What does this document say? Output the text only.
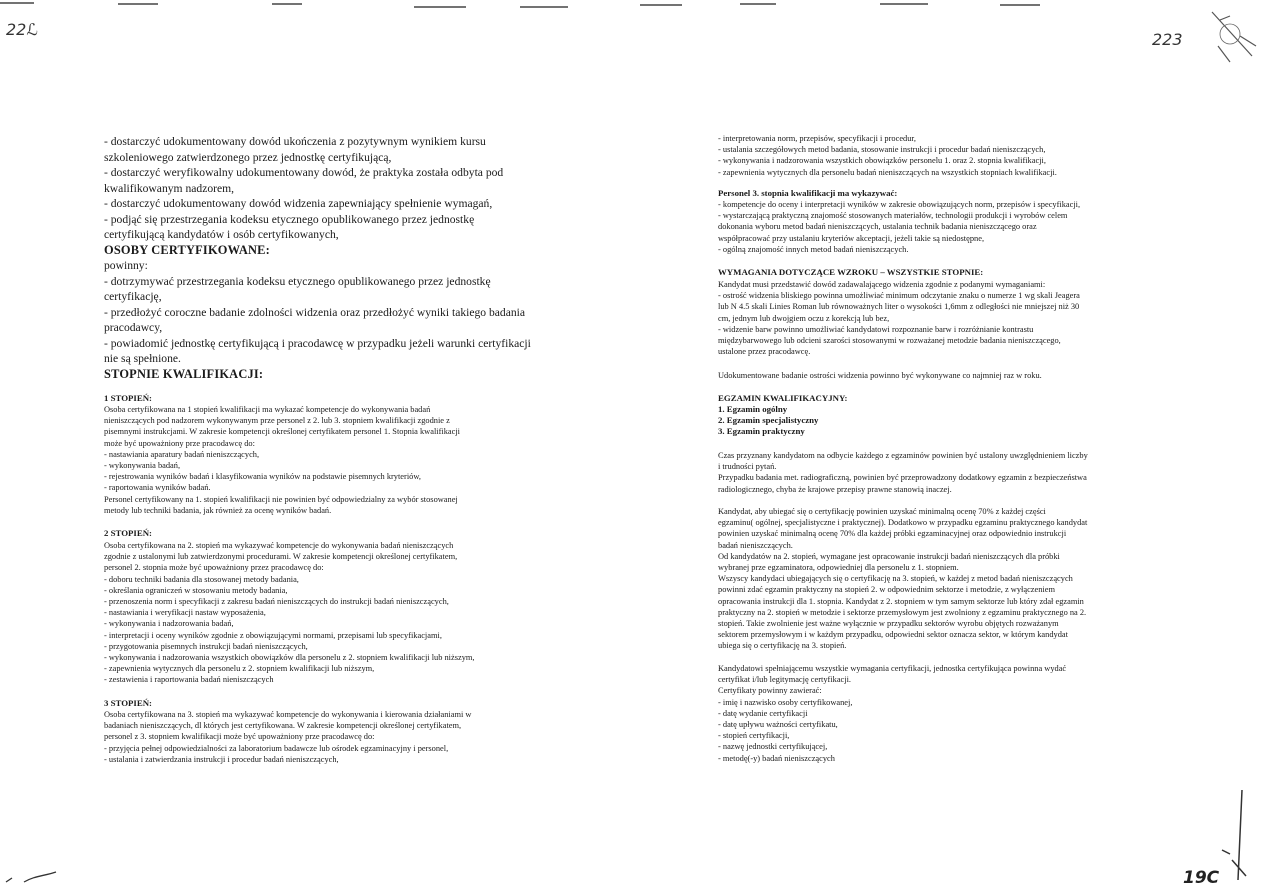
22ℒ
223
19C
- dostarczyć udokumentowany dowód ukończenia z pozytywnym wynikiem kursu
szkoleniowego zatwierdzonego przez jednostkę certyfikującą,
- dostarczyć weryfikowalny udokumentowany dowód, że praktyka została odbyta pod
kwalifikowanym nadzorem,
- dostarczyć udokumentowany dowód widzenia zapewniający spełnienie wymagań,
- podjąć się przestrzegania kodeksu etycznego opublikowanego przez jednostkę
certyfikującą kandydatów i osób certyfikowanych,
OSOBY CERTYFIKOWANE:
powinny:
- dotrzymywać przestrzegania kodeksu etycznego opublikowanego przez jednostkę
certyfikację,
- przedłożyć coroczne badanie zdolności widzenia oraz przedłożyć wyniki takiego badania
pracodawcy,
- powiadomić jednostkę certyfikującą i pracodawcę w przypadku jeżeli warunki certyfikacji
nie są spełnione.
STOPNIE KWALIFIKACJI:
1 STOPIEŃ:
Osoba certyfikowana na 1 stopień kwalifikacji ma wykazać kompetencje do wykonywania badań
nieniszczących pod nadzorem wykonywanym prze personel z 2. lub 3. stopniem kwalifikacji zgodnie z
pisemnymi instrukcjami. W zakresie kompetencji określonej certyfikatem personel 1. Stopnia kwalifikacji
może być upoważniony prze pracodawcę do:
- nastawiania aparatury badań nieniszczących,
- wykonywania badań,
- rejestrowania wyników badań i klasyfikowania wyników na podstawie pisemnych kryteriów,
- raportowania wyników badań.
Personel certyfikowany na 1. stopień kwalifikacji nie powinien być odpowiedzialny za wybór stosowanej
metody lub techniki badania, jak również za ocenę wyników badań.
2 STOPIEŃ:
Osoba certyfikowana na 2. stopień ma wykazywać kompetencje do wykonywania badań nieniszczących
zgodnie z ustalonymi lub zatwierdzonymi procedurami. W zakresie kompetencji określonej certyfikatem,
personel 2. stopnia może być upoważniony przez pracodawcę do:
- doboru techniki badania dla stosowanej metody badania,
- określania ograniczeń w stosowaniu metody badania,
- przenoszenia norm i specyfikacji z zakresu badań nieniszczących do instrukcji badań nieniszczących,
- nastawiania i weryfikacji nastaw wyposażenia,
- wykonywania i nadzorowania badań,
- interpretacji i oceny wyników zgodnie z obowiązującymi normami, przepisami lub specyfikacjami,
- przygotowania pisemnych instrukcji badań nieniszczących,
- wykonywania i nadzorowania wszystkich obowiązków dla personelu z 2. stopniem kwalifikacji lub niższym,
- zapewnienia wytycznych dla personelu z 2. stopniem kwalifikacji lub niższym,
- zestawienia i raportowania badań nieniszczących
3 STOPIEŃ:
Osoba certyfikowana na 3. stopień ma wykazywać kompetencje do wykonywania i kierowania działaniami w
badaniach nieniszczących, dl których jest certyfikowana. W zakresie kompetencji określonej certyfikatem,
personel z 3. stopniem kwalifikacji może być upoważniony prze pracodawcę do:
- przyjęcia pełnej odpowiedzialności za laboratorium badawcze lub ośrodek egzaminacyjny i personel,
- ustalania i zatwierdzania instrukcji i procedur badań nieniszczących,
- interpretowania norm, przepisów, specyfikacji i procedur,
- ustalania szczegółowych metod badania, stosowanie instrukcji i procedur badań nieniszczących,
- wykonywania i nadzorowania wszystkich obowiązków personelu 1. oraz 2. stopnia kwalifikacji,
- zapewnienia wytycznych dla personelu badań nieniszczących na wszystkich stopniach kwalifikacji.
Personel 3. stopnia kwalifikacji ma wykazywać:
- kompetencje do oceny i interpretacji wyników w zakresie obowiązujących norm, przepisów i specyfikacji,
- wystarczającą praktyczną znajomość stosowanych materiałów, technologii produkcji i wyrobów celem
dokonania wyboru metod badań nieniszczących, ustalania technik badania nieniszczącego oraz
współpracować przy ustalaniu kryteriów akceptacji, jeżeli takie są niedostępne,
- ogólną znajomość innych metod badań nieniszczących.
WYMAGANIA DOTYCZĄCE WZROKU – WSZYSTKIE STOPNIE:
Kandydat musi przedstawić dowód zadawalającego widzenia zgodnie z podanymi wymaganiami:
- ostrość widzenia bliskiego powinna umożliwiać minimum odczytanie znaku o numerze 1 wg skali Jeagera
lub N 4.5 skali Linies Roman lub równoważnych liter o wysokości 1,6mm z odległości nie mniejszej niż 30
cm, jednym lub dwojgiem oczu z korekcją lub bez,
- widzenie barw powinno umożliwiać kandydatowi rozpoznanie barw i rozróżnianie kontrastu
międzybarwowego lub odcieni szarości stosowanymi w rozważanej metodzie badania nieniszczącego,
ustalone przez pracodawcę.
Udokumentowane badanie ostrości widzenia powinno być wykonywane co najmniej raz w roku.
EGZAMIN KWALIFIKACYJNY:
1. Egzamin ogólny
2. Egzamin specjalistyczny
3. Egzamin praktyczny
Czas przyznany kandydatom na odbycie każdego z egzaminów powinien być ustalony uwzględnieniem liczby
i trudności pytań.
Przypadku badania met. radiograficzną, powinien być przeprowadzony dodatkowy egzamin z bezpieczeństwa
radiologicznego, chyba że krajowe przepisy prawne stanowią inaczej.
Kandydat, aby ubiegać się o certyfikację powinien uzyskać minimalną ocenę 70% z każdej części
egzaminu( ogólnej, specjalistyczne i praktycznej). Dodatkowo w przypadku egzaminu praktycznego kandydat
powinien uzyskać minimalną ocenę 70% dla każdej próbki egzaminacyjnej oraz odpowiednio instrukcji
badań nieniszczących.
Od kandydatów na 2. stopień, wymagane jest opracowanie instrukcji badań nieniszczących dla próbki
wybranej prze egzaminatora, odpowiedniej dla personelu z 1. stopniem.
Wszyscy kandydaci ubiegających się o certyfikację na 3. stopień, w każdej z metod badań nieniszczących
powinni zdać egzamin praktyczny na stopień 2. w odpowiednim sektorze i metodzie, z wyłączeniem
opracowania instrukcji dla 1. stopnia. Kandydat z 2. stopniem w tym samym sektorze lub który zdał egzamin
praktyczny na 2. stopień w metodzie i sektorze przemysłowym jest zwolniony z egzaminu praktycznego na 2.
stopień. Takie zwolnienie jest ważne wyłącznie w przypadku sektorów wyrobu objętych rozważanym
sektorem przemysłowym i w każdym przypadku, odpowiedni sektor oznacza sektor, w którym kandydat
ubiega się o certyfikację na 3. stopień.
Kandydatowi spełniającemu wszystkie wymagania certyfikacji, jednostka certyfikująca powinna wydać
certyfikat i/lub legitymację certyfikacji.
Certyfikaty powinny zawierać:
- imię i nazwisko osoby certyfikowanej,
- datę wydanie certyfikacji
- datę upływu ważności certyfikatu,
- stopień certyfikacji,
- nazwę jednostki certyfikującej,
- metodę(-y) badań nieniszczących
